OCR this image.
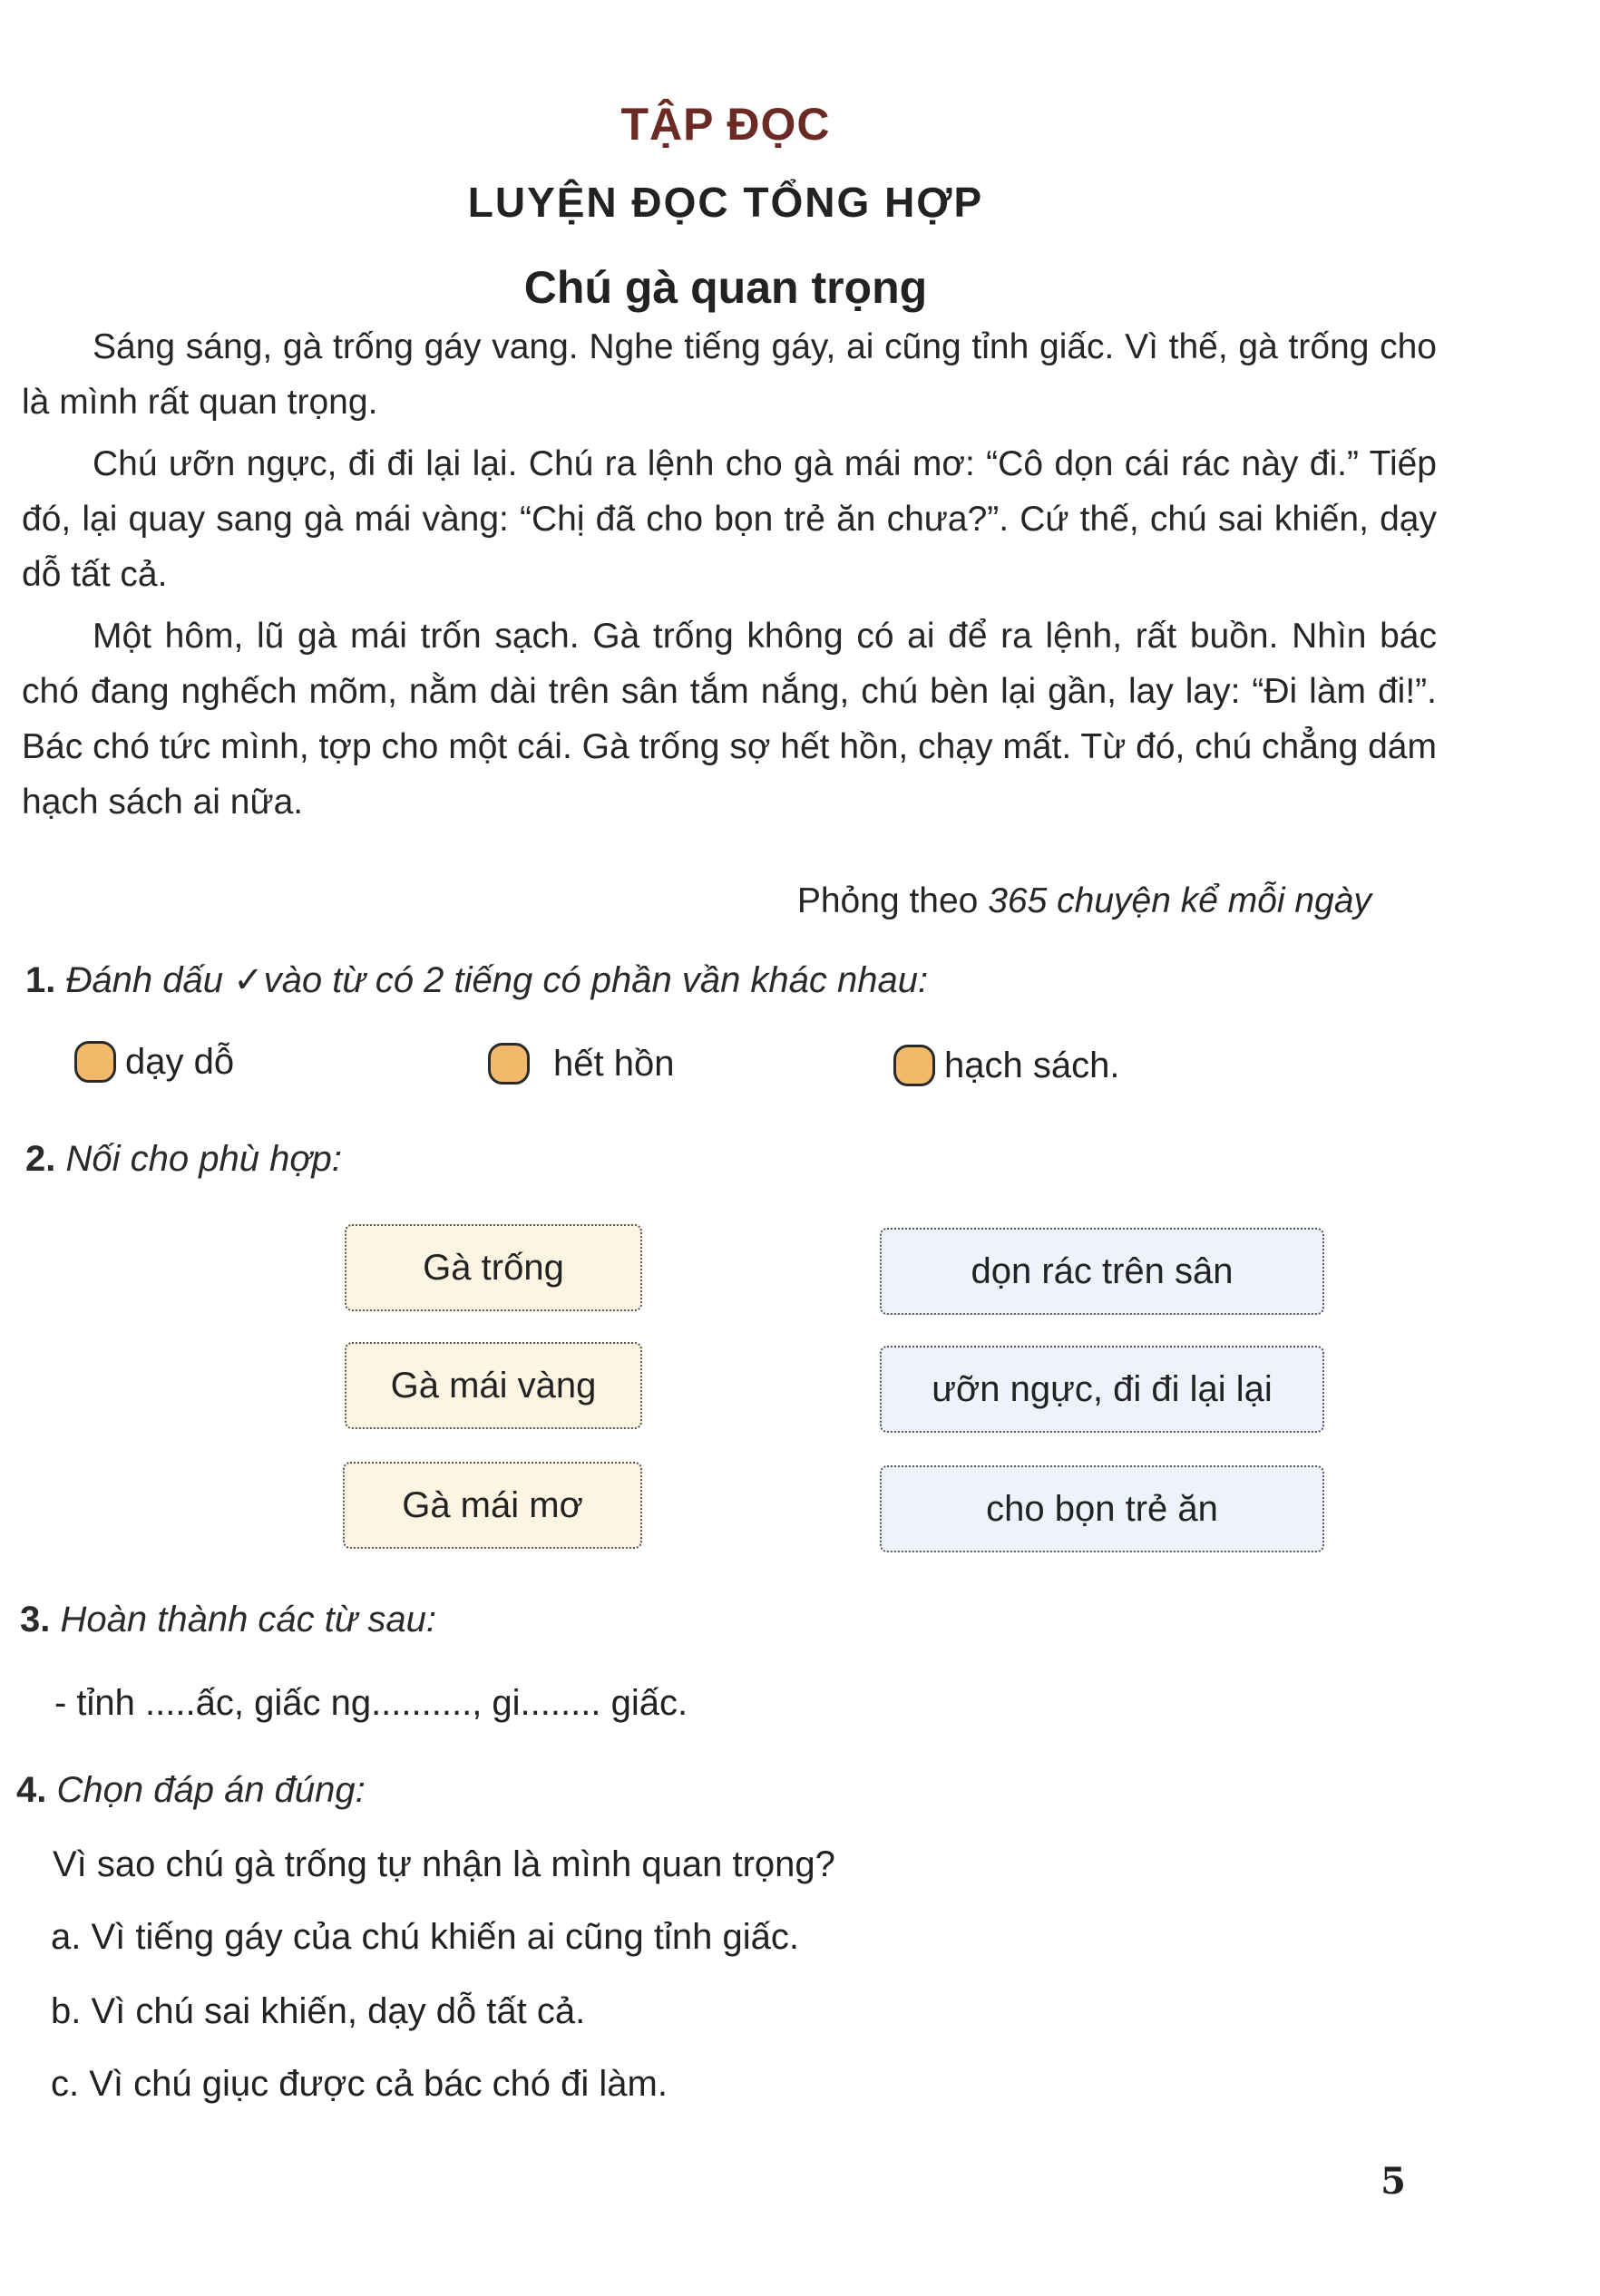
TẬP ĐỌC
LUYỆN ĐỌC TỔNG HỢP
Chú gà quan trọng

Sáng sáng, gà trống gáy vang. Nghe tiếng gáy, ai cũng tỉnh giấc. Vì thế, gà trống cho là mình rất quan trọng.

Chú ưỡn ngực, đi đi lại lại. Chú ra lệnh cho gà mái mơ: “Cô dọn cái rác này đi.” Tiếp đó, lại quay sang gà mái vàng: “Chị đã cho bọn trẻ ăn chưa?”. Cứ thế, chú sai khiến, dạy dỗ tất cả.

Một hôm, lũ gà mái trốn sạch. Gà trống không có ai để ra lệnh, rất buồn. Nhìn bác chó đang nghếch mõm, nằm dài trên sân tắm nắng, chú bèn lại gần, lay lay: “Đi làm đi!”. Bác chó tức mình, tợp cho một cái. Gà trống sợ hết hồn, chạy mất. Từ đó, chú chẳng dám hạch sách ai nữa.

Phỏng theo 365 chuyện kể mỗi ngày
1. Đánh dấu ✓vào từ có 2 tiếng có phần vần khác nhau:
dạy dỗ	hết hồn	hạch sách.
2. Nối cho phù hợp:
Gà trống
Gà mái vàng
Gà mái mơ
dọn rác trên sân
ưỡn ngực, đi đi lại lại
cho bọn trẻ ăn
3. Hoàn thành các từ sau:
- tỉnh .....ấc, giấc ng.........., gi........ giấc.
4. Chọn đáp án đúng:
Vì sao chú gà trống tự nhận là mình quan trọng?
a. Vì tiếng gáy của chú khiến ai cũng tỉnh giấc.
b. Vì chú sai khiến, dạy dỗ tất cả.
c. Vì chú giục được cả bác chó đi làm.
5
